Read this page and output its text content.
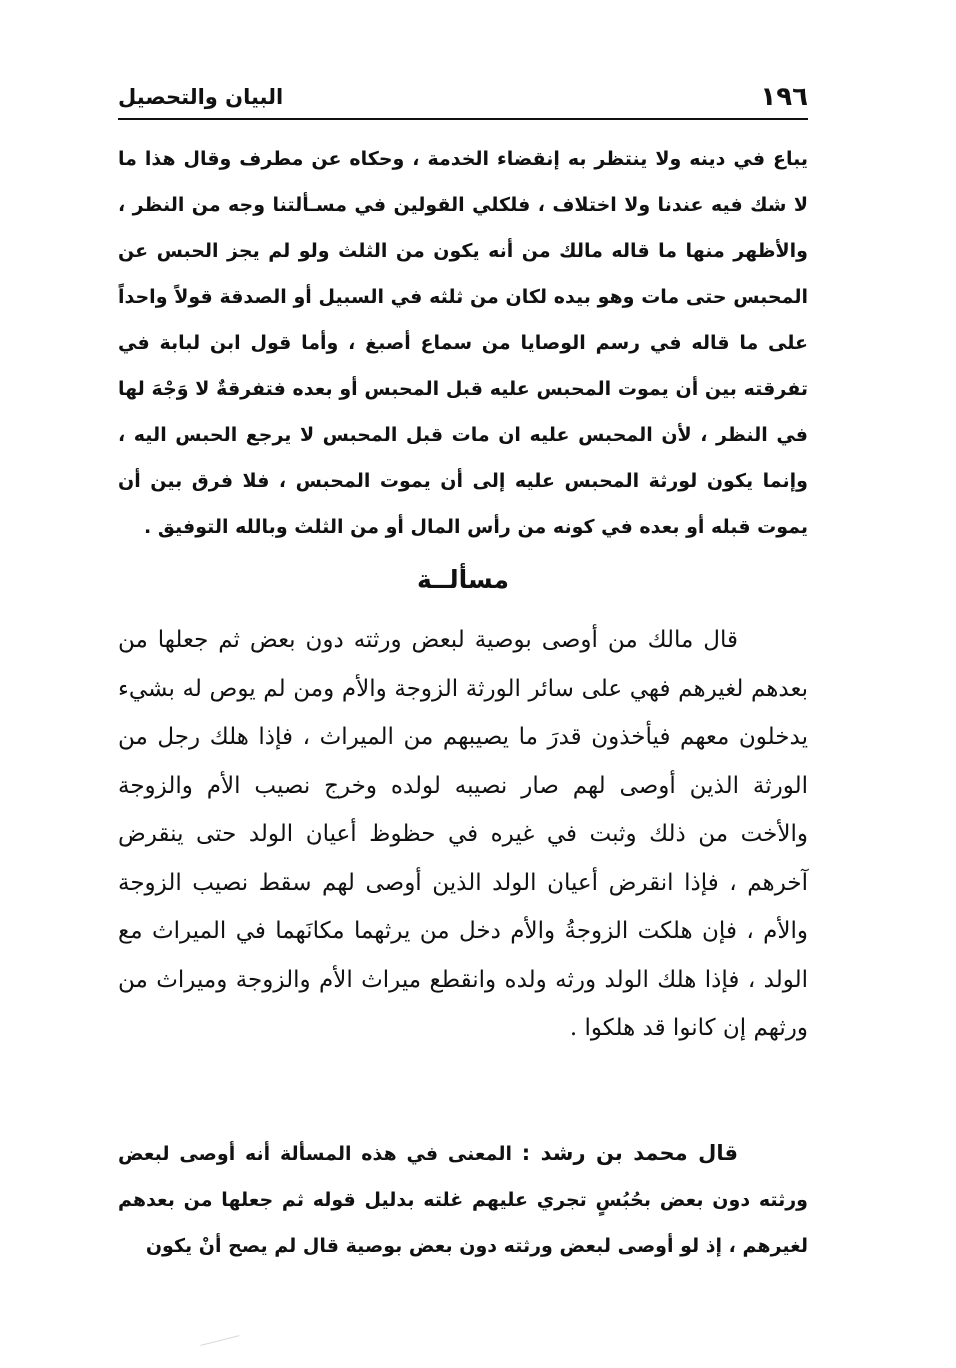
١٩٦
البيان والتحصيل

يباع في دينه ولا ينتظر به إنقضاء الخدمة ، وحكاه عن مطرف وقال هذا ما لا شك فيه عندنا ولا اختلاف ، فلكلي القولين في مسـألتنا وجه من النظر ، والأظهر منها ما قاله مالك من أنه يكون من الثلث ولو لم يجز الحبس عن المحبس حتى مات وهو بيده لكان من ثلثه في السبيل أو الصدقة قولاً واحداً على ما قاله في رسم الوصايا من سماع أصبغ ، وأما قول ابن لبابة في تفرقته بين أن يموت المحبس عليه قبل المحبس أو بعده فتفرقةٌ لا وَجْهَ لها في النظر ، لأن المحبس عليه ان مات قبل المحبس لا يرجع الحبس اليه ، وإنما يكون لورثة المحبس عليه إلى أن يموت المحبس ، فلا فرق بين أن يموت قبله أو بعده في كونه من رأس المال أو من الثلث وبالله التوفيق .

مسألــة

قال مالك من أوصى بوصية لبعض ورثته دون بعض ثم جعلها من بعدهم لغيرهم فهي على سائر الورثة الزوجة والأم ومن لم يوص له بشيء يدخلون معهم فيأخذون قدرَ ما يصيبهم من الميراث ، فإذا هلك رجل من الورثة الذين أوصى لهم صار نصيبه لولده وخرج نصيب الأم والزوجة والأخت من ذلك وثبت في غيره في حظوظ أعيان الولد حتى ينقرض آخرهم ، فإذا انقرض أعيان الولد الذين أوصى لهم سقط نصيب الزوجة والأم ، فإن هلكت الزوجةُ والأم دخل من يرثهما مكانَهما في الميراث مع الولد ، فإذا هلك الولد ورثه ولده وانقطع ميراث الأم والزوجة وميراث من ورثهم إن كانوا قد هلكوا .

قال محمد بن رشد : المعنى في هذه المسألة أنه أوصى لبعض ورثته دون بعض بحُبُسٍ تجري عليهم غلته بدليل قوله ثم جعلها من بعدهم لغيرهم ، إذ لو أوصى لبعض ورثته دون بعض بوصية قال لم يصح أنْ يكون
